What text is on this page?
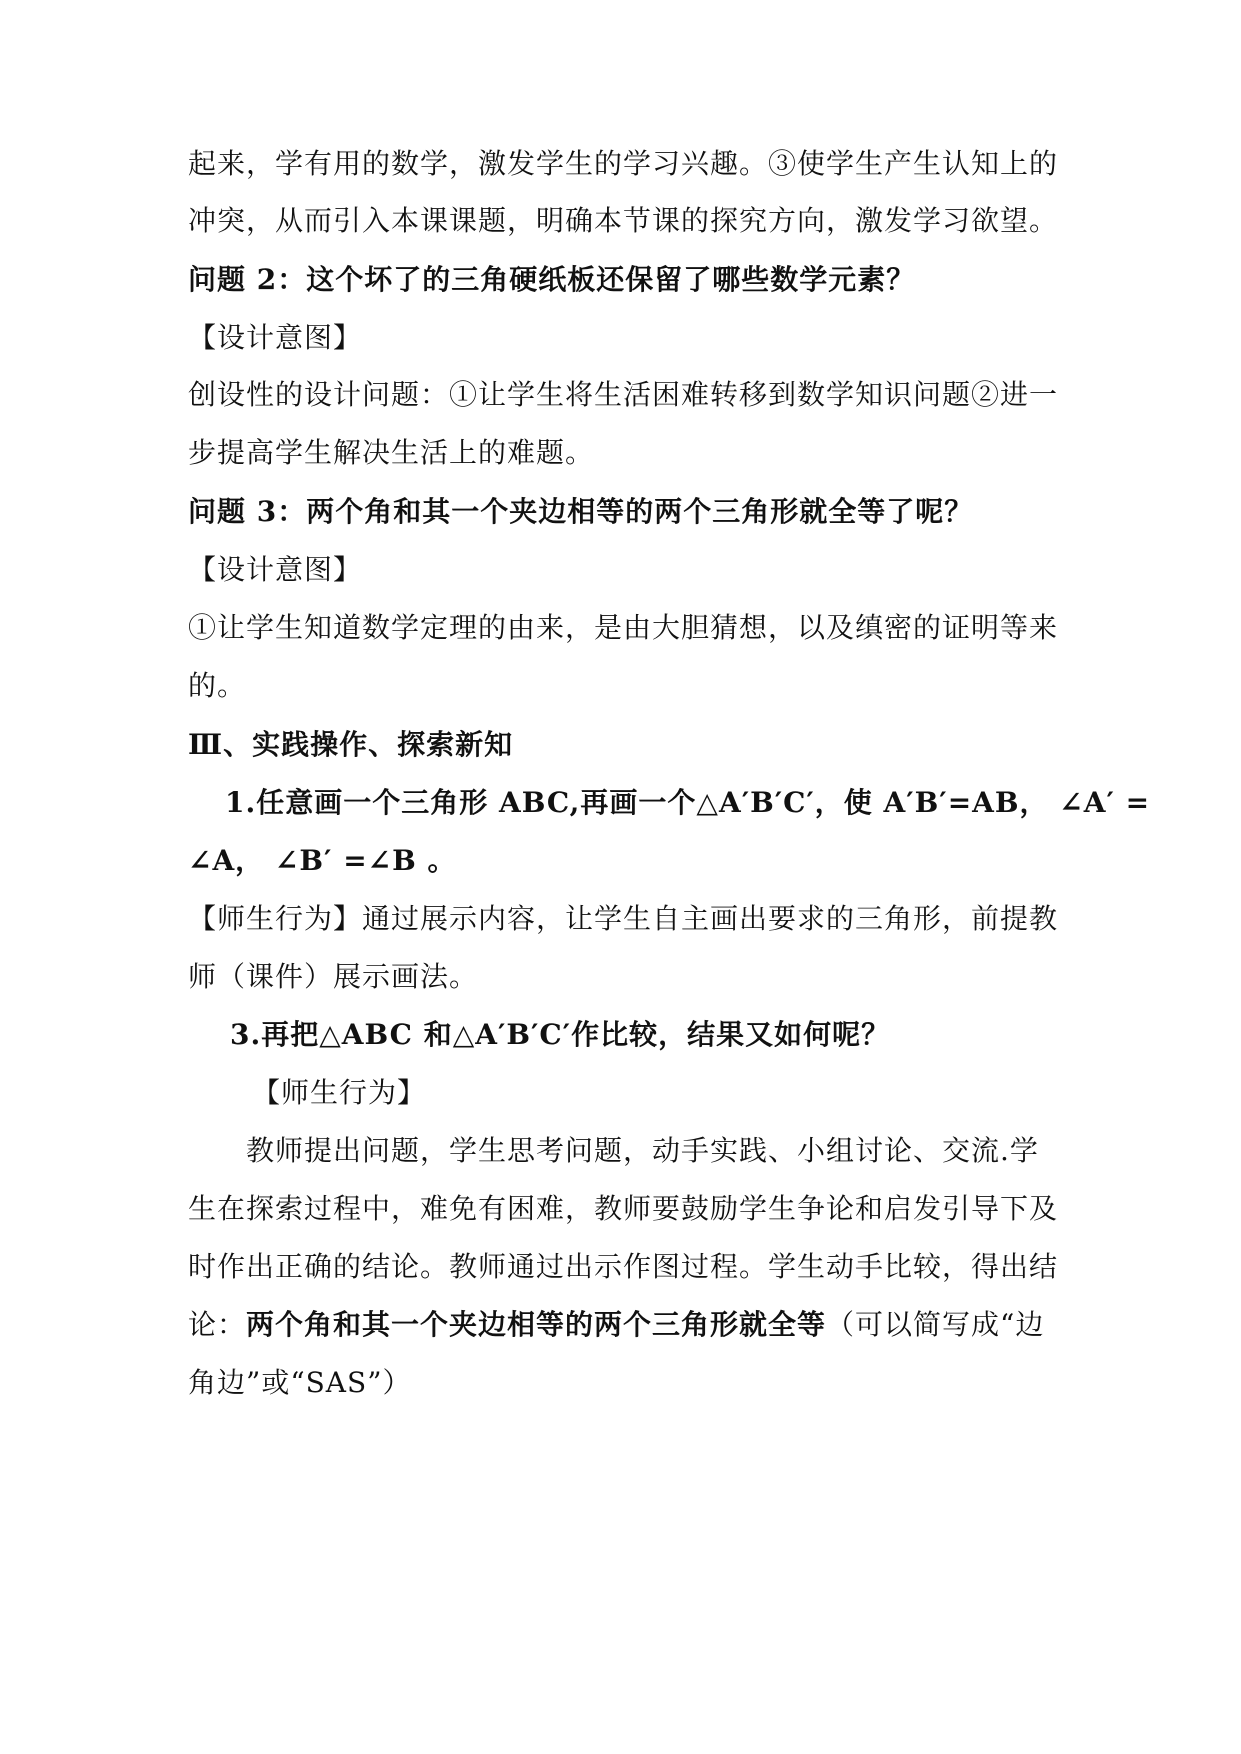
起来，学有用的数学，激发学生的学习兴趣。③使学生产生认知上的
冲突，从而引入本课课题，明确本节课的探究方向，激发学习欲望。
问题 2：这个坏了的三角硬纸板还保留了哪些数学元素？
【设计意图】
创设性的设计问题：①让学生将生活困难转移到数学知识问题②进一
步提高学生解决生活上的难题。
问题 3：两个角和其一个夹边相等的两个三角形就全等了呢？
【设计意图】
①让学生知道数学定理的由来，是由大胆猜想，以及缜密的证明等来
的。
Ⅲ、实践操作、探索新知
1.任意画一个三角形 ABC,再画一个△A′B′C′，使 A′B′=AB， ∠A′ =
∠A， ∠B′ =∠B 。
【师生行为】通过展示内容，让学生自主画出要求的三角形，前提教
师（课件）展示画法。
3.再把△ABC 和△A′B′C′作比较，结果又如何呢？
【师生行为】
教师提出问题，学生思考问题，动手实践、小组讨论、交流.学
生在探索过程中，难免有困难，教师要鼓励学生争论和启发引导下及
时作出正确的结论。教师通过出示作图过程。学生动手比较，得出结
论：两个角和其一个夹边相等的两个三角形就全等（可以简写成“边
角边”或“SAS”）
